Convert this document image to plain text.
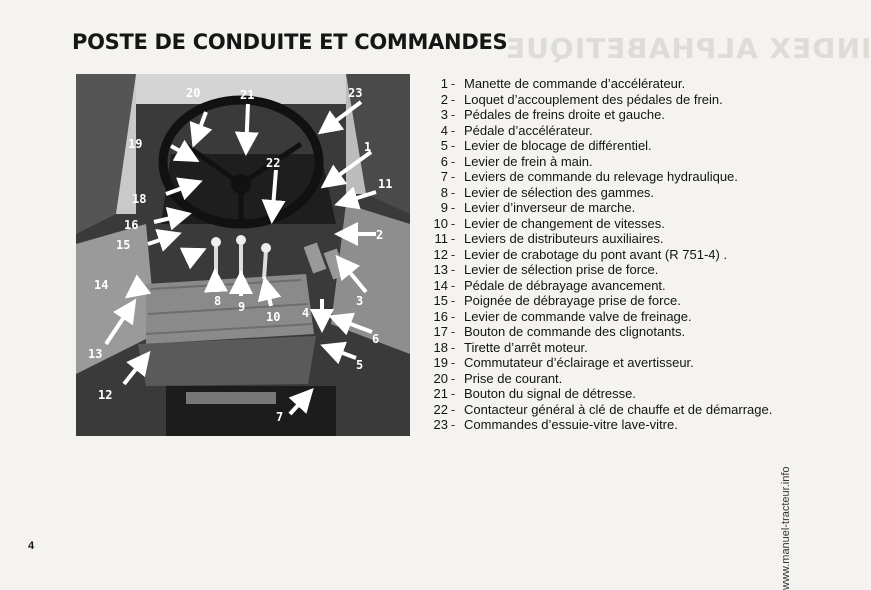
INDEX ALPHABETIQUE
POSTE DE CONDUITE ET COMMANDES
20	21	23
19
22
1
18
11
16
2
15
17
14
8 9
10
3
4
6
13
5
12
7
1 - Manette de commande d’accélérateur.
2 - Loquet d’accouplement des pédales de frein.
3 - Pédales de freins droite et gauche.
4 - Pédale d’accélérateur.
5 - Levier de blocage de différentiel.
6 - Levier de frein à main.
7 - Leviers de commande du relevage hydraulique.
8 - Levier de sélection des gammes.
9 - Levier d’inverseur de marche.
10 - Levier de changement de vitesses.
11 - Leviers de distributeurs auxiliaires.
12 - Levier de crabotage du pont avant (R 751-4) .
13 - Levier de sélection prise de force.
14 - Pédale de débrayage avancement.
15 - Poignée de débrayage prise de force.
16 - Levier de commande valve de freinage.
17 - Bouton de commande des clignotants.
18 - Tirette d’arrêt moteur.
19 - Commutateur d’éclairage et avertisseur.
20 - Prise de courant.
21 - Bouton du signal de détresse.
22 - Contacteur général à clé de chauffe et de démarrage.
23 - Commandes d’essuie-vitre lave-vitre.
4	www.manuel-tracteur.info
